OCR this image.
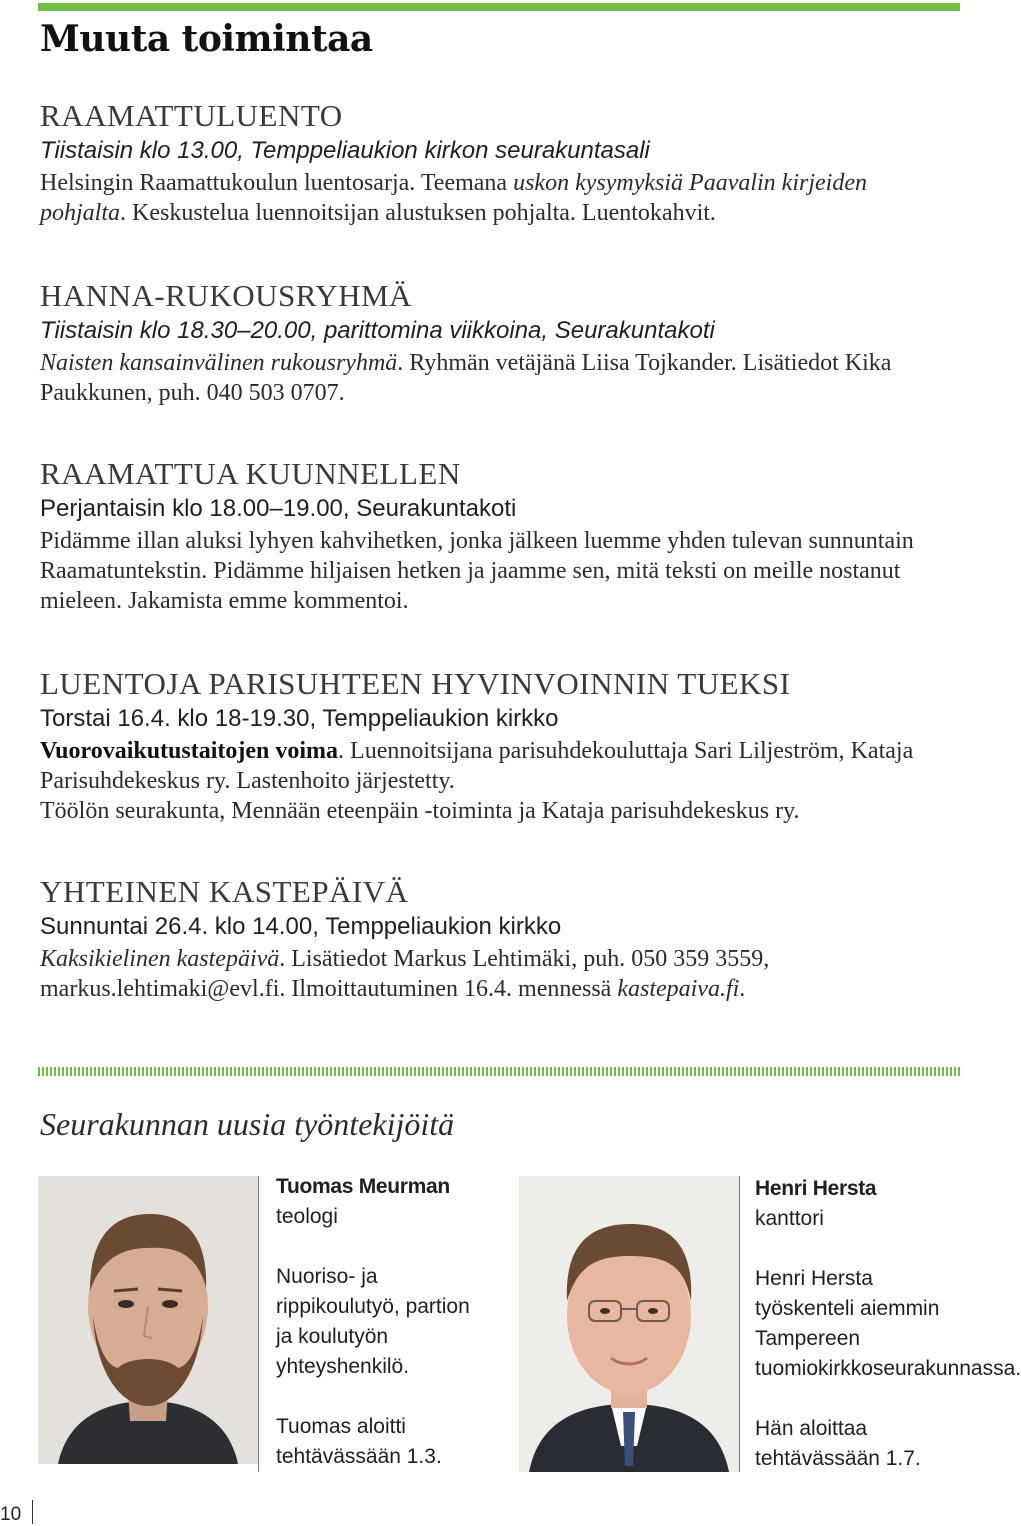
Muuta toimintaa
RAAMATTULUENTO
Tiistaisin klo 13.00, Temppeliaukion kirkon seurakuntasali
Helsingin Raamattukoulun luentosarja. Teemana uskon kysymyksiä Paavalin kirjeiden pohjalta. Keskustelua luennoitsijan alustuksen pohjalta. Luentokahvit.
HANNA-RUKOUSRYHMÄ
Tiistaisin klo 18.30–20.00, parittomina viikkoina, Seurakuntakoti
Naisten kansainvälinen rukousryhmä. Ryhmän vetäjänä Liisa Tojkander. Lisätiedot Kika Paukkunen, puh. 040 503 0707.
RAAMATTUA KUUNNELLEN
Perjantaisin klo 18.00–19.00, Seurakuntakoti
Pidämme illan aluksi lyhyen kahvihetken, jonka jälkeen luemme yhden tulevan sunnuntain Raamatuntekstin. Pidämme hiljaisen hetken ja jaamme sen, mitä teksti on meille nostanut mieleen. Jakamista emme kommentoi.
LUENTOJA PARISUHTEEN HYVINVOINNIN TUEKSI
Torstai 16.4. klo 18-19.30, Temppeliaukion kirkko
Vuorovaikutustaitojen voima. Luennoitsijana parisuhdekouluttaja Sari Liljeström, Kataja Parisuhdekeskus ry. Lastenhoito järjestetty.
Töölön seurakunta, Mennään eteenpäin -toiminta ja Kataja parisuhdekeskus ry.
YHTEINEN KASTEPÄIVÄ
Sunnuntai 26.4. klo 14.00, Temppeliaukion kirkko
Kaksikielinen kastepäivä. Lisätiedot Markus Lehtimäki, puh. 050 359 3559, markus.lehtimaki@evl.fi. Ilmoittautuminen 16.4. mennessä kastepaiva.fi.
Seurakunnan uusia työntekijöitä

Tuomas Meurman

teologi

Nuoriso- ja rippikoulutyö, partion ja koulutyön yhteyshenkilö.

Tuomas aloitti tehtävässään 1.3.

Henri Hersta

kanttori

Henri Hersta työskenteli aiemmin Tampereen tuomiokirkkoseurakunnassa.

Hän aloittaa tehtävässään 1.7.

10
